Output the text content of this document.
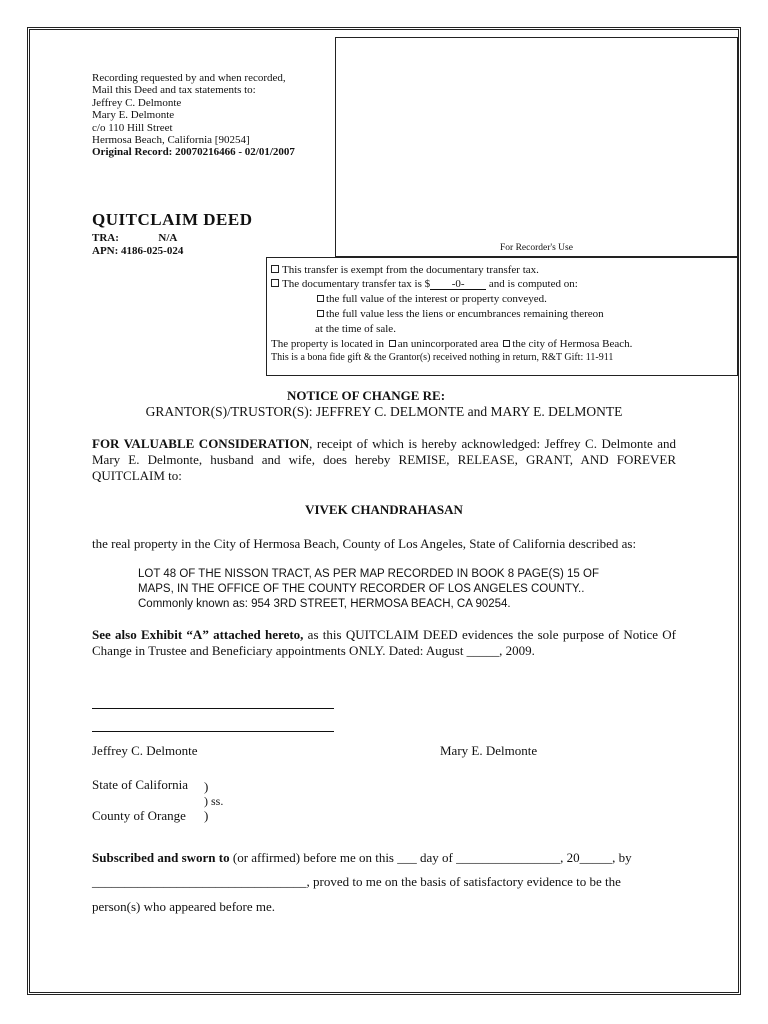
Recording requested by and when recorded,
Mail this Deed and tax statements to:
Jeffrey C. Delmonte
Mary E. Delmonte
c/o 110 Hill Street
Hermosa Beach, California [90254]
Original Record: 20070216466 - 02/01/2007
For Recorder's Use
QUITCLAIM DEED
TRA:	N/A
APN: 4186-025-024
This transfer is exempt from the documentary transfer tax.
The documentary transfer tax is $ -0- and is computed on:
the full value of the interest or property conveyed.
the full value less the liens or encumbrances remaining thereon
at the time of sale.
The property is located in an unincorporated area the city of Hermosa Beach.
This is a bona fide gift & the Grantor(s) received nothing in return, R&T Gift: 11-911
NOTICE OF CHANGE RE:
GRANTOR(S)/TRUSTOR(S): JEFFREY C. DELMONTE and MARY E. DELMONTE
FOR VALUABLE CONSIDERATION, receipt of which is hereby acknowledged: Jeffrey C. Delmonte and Mary E. Delmonte, husband and wife, does hereby REMISE, RELEASE, GRANT, AND FOREVER QUITCLAIM to:
VIVEK CHANDRAHASAN
the real property in the City of Hermosa Beach, County of Los Angeles, State of California described as:
LOT 48 OF THE NISSON TRACT, AS PER MAP RECORDED IN BOOK 8 PAGE(S) 15 OF
MAPS, IN THE OFFICE OF THE COUNTY RECORDER OF LOS ANGELES COUNTY..
Commonly known as: 954 3RD STREET, HERMOSA BEACH, CA 90254.
See also Exhibit “A” attached hereto, as this QUITCLAIM DEED evidences the sole purpose of Notice Of Change in Trustee and Beneficiary appointments ONLY. Dated: August _____, 2009.
Jeffrey C. Delmonte	Mary E. Delmonte
State of California )
) ss.
County of Orange )
Subscribed and sworn to (or affirmed) before me on this ___ day of ________________, 20_____, by
_________________________________, proved to me on the basis of satisfactory evidence to be the
person(s) who appeared before me.
